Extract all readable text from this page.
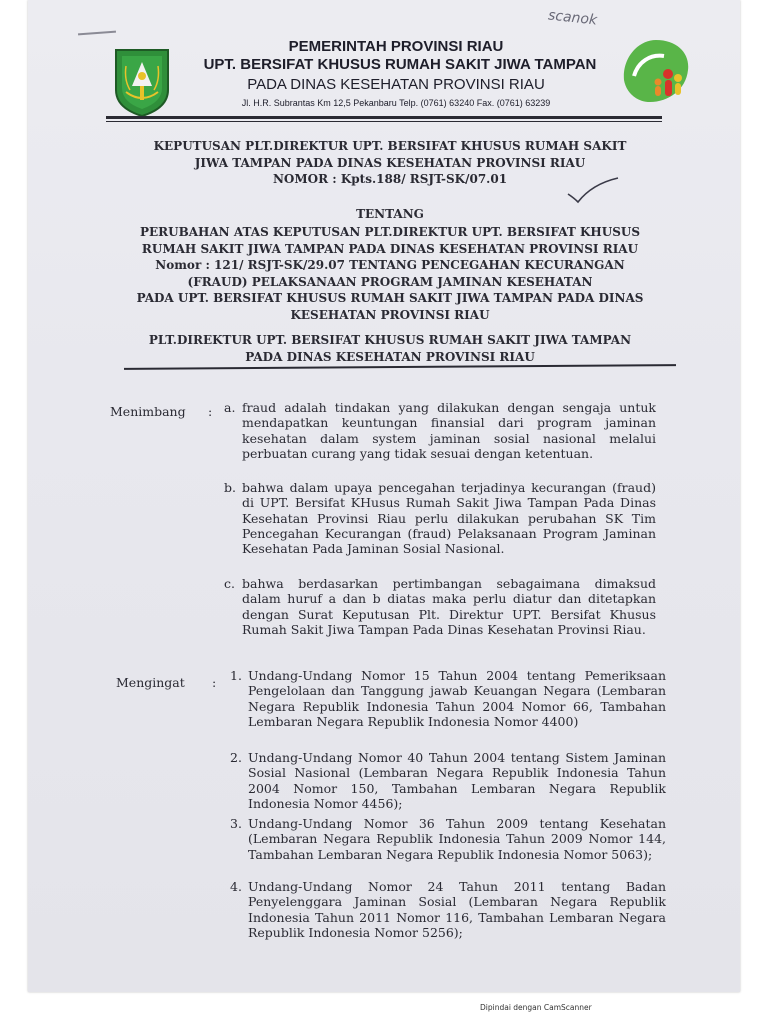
scanok
PEMERINTAH PROVINSI RIAU
UPT. BERSIFAT KHUSUS RUMAH SAKIT JIWA TAMPAN
PADA DINAS KESEHATAN PROVINSI RIAU
Jl. H.R. Subrantas Km 12,5 Pekanbaru Telp. (0761) 63240 Fax. (0761) 63239
KEPUTUSAN PLT.DIREKTUR UPT. BERSIFAT KHUSUS RUMAH SAKIT
JIWA TAMPAN PADA DINAS KESEHATAN PROVINSI RIAU
NOMOR : Kpts.188/ RSJT-SK/07.01
TENTANG
PERUBAHAN ATAS KEPUTUSAN PLT.DIREKTUR UPT. BERSIFAT KHUSUS
RUMAH SAKIT JIWA TAMPAN PADA DINAS KESEHATAN PROVINSI RIAU
Nomor : 121/ RSJT-SK/29.07 TENTANG PENCEGAHAN KECURANGAN
(FRAUD) PELAKSANAAN PROGRAM JAMINAN KESEHATAN
PADA UPT. BERSIFAT KHUSUS RUMAH SAKIT JIWA TAMPAN PADA DINAS
KESEHATAN PROVINSI RIAU
PLT.DIREKTUR UPT. BERSIFAT KHUSUS RUMAH SAKIT JIWA TAMPAN
PADA DINAS KESEHATAN PROVINSI RIAU
Menimbang : a. fraud adalah tindakan yang dilakukan dengan sengaja untuk mendapatkan keuntungan finansial dari program jaminan kesehatan dalam system jaminan sosial nasional melalui perbuatan curang yang tidak sesuai dengan ketentuan.
b. bahwa dalam upaya pencegahan terjadinya kecurangan (fraud) di UPT. Bersifat KHusus Rumah Sakit Jiwa Tampan Pada Dinas Kesehatan Provinsi Riau perlu dilakukan perubahan SK Tim Pencegahan Kecurangan (fraud) Pelaksanaan Program Jaminan Kesehatan Pada Jaminan Sosial Nasional.
c. bahwa berdasarkan pertimbangan sebagaimana dimaksud dalam huruf a dan b diatas maka perlu diatur dan ditetapkan dengan Surat Keputusan Plt. Direktur UPT. Bersifat Khusus Rumah Sakit Jiwa Tampan Pada Dinas Kesehatan Provinsi Riau.
Mengingat : 1. Undang-Undang Nomor 15 Tahun 2004 tentang Pemeriksaan Pengelolaan dan Tanggung jawab Keuangan Negara (Lembaran Negara Republik Indonesia Tahun 2004 Nomor 66, Tambahan Lembaran Negara Republik Indonesia Nomor 4400)
2. Undang-Undang Nomor 40 Tahun 2004 tentang Sistem Jaminan Sosial Nasional (Lembaran Negara Republik Indonesia Tahun 2004 Nomor 150, Tambahan Lembaran Negara Republik Indonesia Nomor 4456);
3. Undang-Undang Nomor 36 Tahun 2009 tentang Kesehatan (Lembaran Negara Republik Indonesia Tahun 2009 Nomor 144, Tambahan Lembaran Negara Republik Indonesia Nomor 5063);
4. Undang-Undang Nomor 24 Tahun 2011 tentang Badan Penyelenggara Jaminan Sosial (Lembaran Negara Republik Indonesia Tahun 2011 Nomor 116, Tambahan Lembaran Negara Republik Indonesia Nomor 5256);
Dipindai dengan CamScanner
